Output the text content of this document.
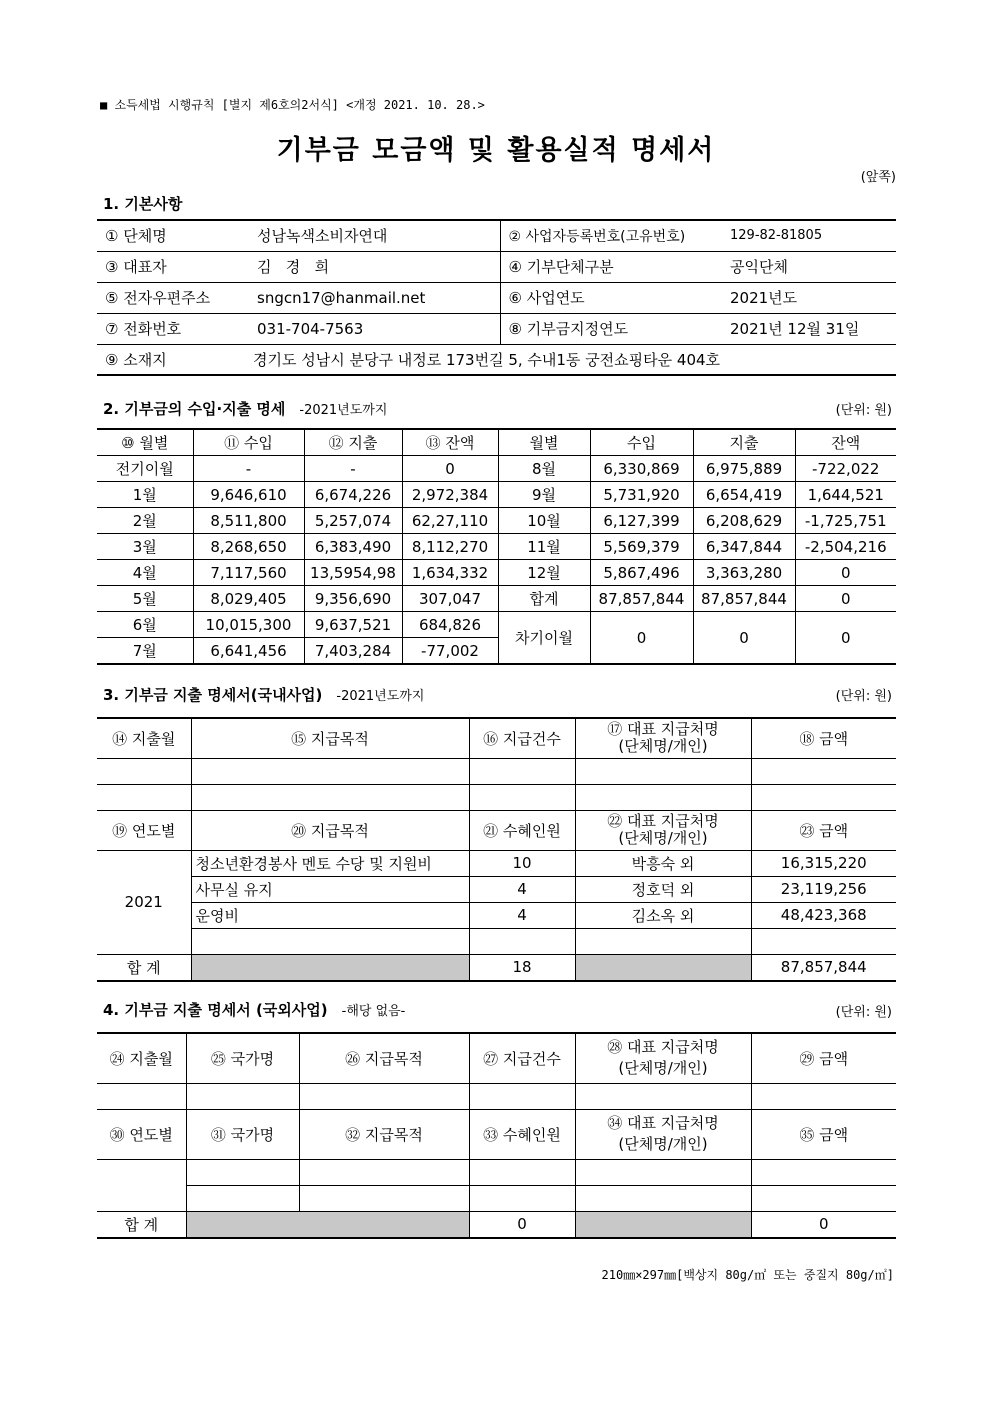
■ 소득세법 시행규칙 [별지 제6호의2서식] <개정 2021. 10. 28.>
기부금 모금액 및 활용실적 명세서
(앞쪽)
1. 기본사항
① 단체명	성남녹색소비자연대	② 사업자등록번호(고유번호)	129-82-81805
③ 대표자	김   경   희	④ 기부단체구분	공익단체
⑤ 전자우편주소	sngcn17@hanmail.net	⑥ 사업연도	2021년도
⑦ 전화번호	031-704-7563	⑧ 기부금지정연도	2021년 12월 31일
⑨ 소재지	경기도 성남시 분당구 내정로 173번길 5, 수내1동 궁전쇼핑타운 404호		
2. 기부금의 수입·지출 명세 -2021년도까지	(단위: 원)
⑩ 월별	⑪ 수입	⑫ 지출	⑬ 잔액	월별	수입	지출	잔액
전기이월	-	-	0	8월	6,330,869	6,975,889	-722,022
1월	9,646,610	6,674,226	2,972,384	9월	5,731,920	6,654,419	1,644,521
2월	8,511,800	5,257,074	62,27,110	10월	6,127,399	6,208,629	-1,725,751
3월	8,268,650	6,383,490	8,112,270	11월	5,569,379	6,347,844	-2,504,216
4월	7,117,560	13,5954,98	1,634,332	12월	5,867,496	3,363,280	0
5월	8,029,405	9,356,690	307,047	합계	87,857,844	87,857,844	0
6월	10,015,300	9,637,521	684,826	차기이월	0	0	0
7월	6,641,456	7,403,284	-77,002				
3. 기부금 지출 명세서(국내사업) -2021년도까지	(단위: 원)
⑭ 지출월	⑮ 지급목적	⑯ 지급건수	⑰ 대표 지급처명
(단체명/개인)	⑱ 금액

⑲ 연도별	⑳ 지급목적	㉑ 수혜인원	㉒ 대표 지급처명
(단체명/개인)	㉓ 금액
2021	청소년환경봉사 멘토 수당 및 지원비	10	박흥숙 외	16,315,220
	사무실 유지	4	정호덕 외	23,119,256
	운영비	4	김소옥 외	48,423,368

합 계		18		87,857,844
4. 기부금 지출 명세서 (국외사업) -해당 없음-	(단위: 원)
㉔ 지출월	㉕ 국가명	㉖ 지급목적	㉗ 지급건수	㉘ 대표 지급처명
(단체명/개인)	㉙ 금액

㉚ 연도별	㉛ 국가명	㉜ 지급목적	㉝ 수혜인원	㉞ 대표 지급처명
(단체명/개인)	㉟ 금액

합 계			0		0
210㎜×297㎜[백상지 80g/㎡ 또는 중질지 80g/㎡]
